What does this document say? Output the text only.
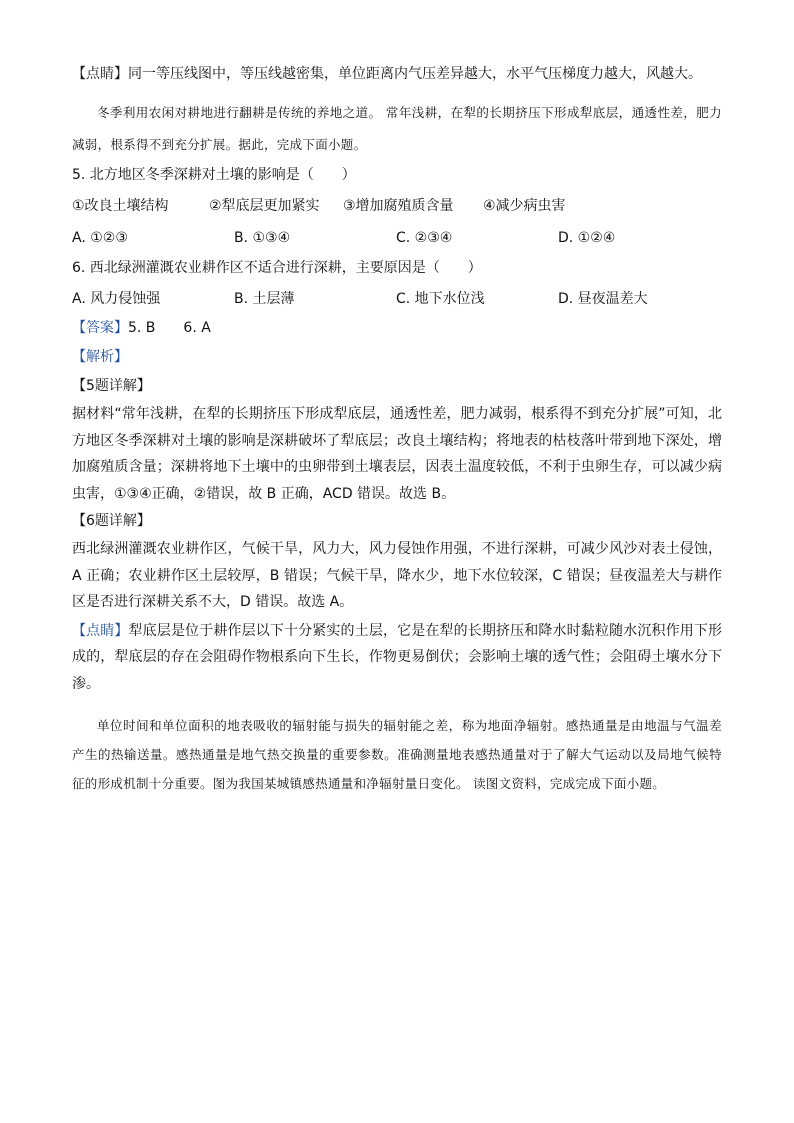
【点睛】同一等压线图中，等压线越密集，单位距离内气压差异越大，水平气压梯度力越大，风越大。

冬季利用农闲对耕地进行翻耕是传统的养地之道。 常年浅耕，在犁的长期挤压下形成犁底层，通透性差，肥力减弱，根系得不到充分扩展。据此，完成下面小题。

5. 北方地区冬季深耕对土壤的影响是（　　）

①改良土壤结构	②犁底层更加紧实	③增加腐殖质含量	④减少病虫害
A. ①②③	B. ①③④	C. ②③④	D. ①②④

6. 西北绿洲灌溉农业耕作区不适合进行深耕，主要原因是（　　）

A. 风力侵蚀强	B. 土层薄	C. 地下水位浅	D. 昼夜温差大

【答案】5. B　　6. A

【解析】

【5题详解】

据材料“常年浅耕，在犁的长期挤压下形成犁底层，通透性差，肥力减弱，根系得不到充分扩展”可知，北方地区冬季深耕对土壤的影响是深耕破坏了犁底层；改良土壤结构；将地表的枯枝落叶带到地下深处，增加腐殖质含量；深耕将地下土壤中的虫卵带到土壤表层，因表土温度较低，不利于虫卵生存，可以减少病虫害，①③④正确，②错误，故 B 正确，ACD 错误。故选 B。

【6题详解】

西北绿洲灌溉农业耕作区，气候干旱，风力大，风力侵蚀作用强，不进行深耕，可减少风沙对表土侵蚀，A 正确；农业耕作区土层较厚，B 错误；气候干旱，降水少，地下水位较深，C 错误；昼夜温差大与耕作区是否进行深耕关系不大，D 错误。故选 A。

【点睛】犁底层是位于耕作层以下十分紧实的土层，它是在犁的长期挤压和降水时黏粒随水沉积作用下形成的，犁底层的存在会阻碍作物根系向下生长，作物更易倒伏；会影响土壤的透气性；会阻碍土壤水分下渗。

单位时间和单位面积的地表吸收的辐射能与损失的辐射能之差，称为地面净辐射。感热通量是由地温与气温差产生的热输送量。感热通量是地气热交换量的重要参数。准确测量地表感热通量对于了解大气运动以及局地气候特征的形成机制十分重要。图为我国某城镇感热通量和净辐射量日变化。 读图文资料，完成完成下面小题。
